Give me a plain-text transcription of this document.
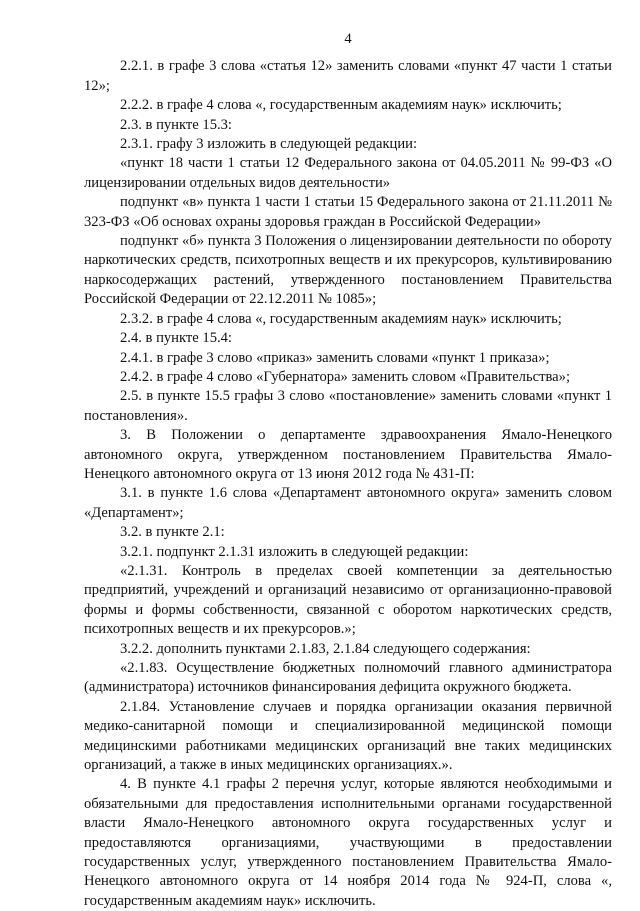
4

2.2.1. в графе 3 слова «статья 12» заменить словами «пункт 47 части 1 статьи 12»;

2.2.2. в графе 4 слова «, государственным академиям наук» исключить;

2.3. в пункте 15.3:

2.3.1. графу 3 изложить в следующей редакции:

«пункт 18 части 1 статьи 12 Федерального закона от 04.05.2011 № 99-ФЗ «О лицензировании отдельных видов деятельности»

подпункт «в» пункта 1 части 1 статьи 15 Федерального закона от 21.11.2011 № 323-ФЗ «Об основах охраны здоровья граждан в Российской Федерации»

подпункт «б» пункта 3 Положения о лицензировании деятельности по обороту наркотических средств, психотропных веществ и их прекурсоров, культивированию наркосодержащих растений, утвержденного постановлением Правительства Российской Федерации от 22.12.2011 № 1085»;

2.3.2. в графе 4 слова «, государственным академиям наук» исключить;

2.4. в пункте 15.4:

2.4.1. в графе 3 слово «приказ» заменить словами «пункт 1 приказа»;

2.4.2. в графе 4 слово «Губернатора» заменить словом «Правительства»;

2.5. в пункте 15.5 графы 3 слово «постановление» заменить словами «пункт 1 постановления».

3. В Положении о департаменте здравоохранения Ямало-Ненецкого автономного округа, утвержденном постановлением Правительства Ямало-Ненецкого автономного округа от 13 июня 2012 года № 431-П:

3.1. в пункте 1.6 слова «Департамент автономного округа» заменить словом «Департамент»;

3.2. в пункте 2.1:

3.2.1. подпункт 2.1.31 изложить в следующей редакции:

«2.1.31. Контроль в пределах своей компетенции за деятельностью предприятий, учреждений и организаций независимо от организационно-правовой формы и формы собственности, связанной с оборотом наркотических средств, психотропных веществ и их прекурсоров.»;

3.2.2. дополнить пунктами 2.1.83, 2.1.84 следующего содержания:

«2.1.83. Осуществление бюджетных полномочий главного администратора (администратора) источников финансирования дефицита окружного бюджета.

2.1.84. Установление случаев и порядка организации оказания первичной медико-санитарной помощи и специализированной медицинской помощи медицинскими работниками медицинских организаций вне таких медицинских организаций, а также в иных медицинских организациях.».

4. В пункте 4.1 графы 2 перечня услуг, которые являются необходимыми и обязательными для предоставления исполнительными органами государственной власти Ямало-Ненецкого автономного округа государственных услуг и предоставляются организациями, участвующими в предоставлении государственных услуг, утвержденного постановлением Правительства Ямало-Ненецкого автономного округа от 14 ноября 2014 года № 924-П, слова «, государственным академиям наук» исключить.
